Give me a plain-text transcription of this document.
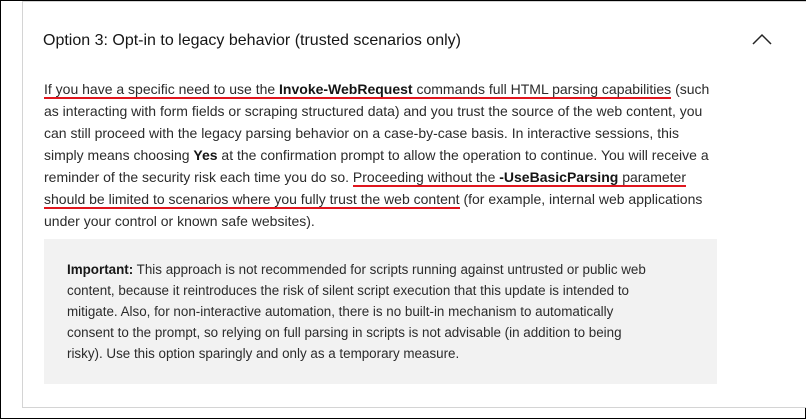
Option 3: Opt-in to legacy behavior (trusted scenarios only)
If you have a specific need to use the Invoke-WebRequest commands full HTML parsing capabilities (such as interacting with form fields or scraping structured data) and you trust the source of the web content, you can still proceed with the legacy parsing behavior on a case-by-case basis. In interactive sessions, this simply means choosing Yes at the confirmation prompt to allow the operation to continue. You will receive a reminder of the security risk each time you do so. Proceeding without the -UseBasicParsing parameter should be limited to scenarios where you fully trust the web content (for example, internal web applications under your control or known safe websites).
Important: This approach is not recommended for scripts running against untrusted or public web content, because it reintroduces the risk of silent script execution that this update is intended to mitigate. Also, for non-interactive automation, there is no built-in mechanism to automatically consent to the prompt, so relying on full parsing in scripts is not advisable (in addition to being risky). Use this option sparingly and only as a temporary measure.
